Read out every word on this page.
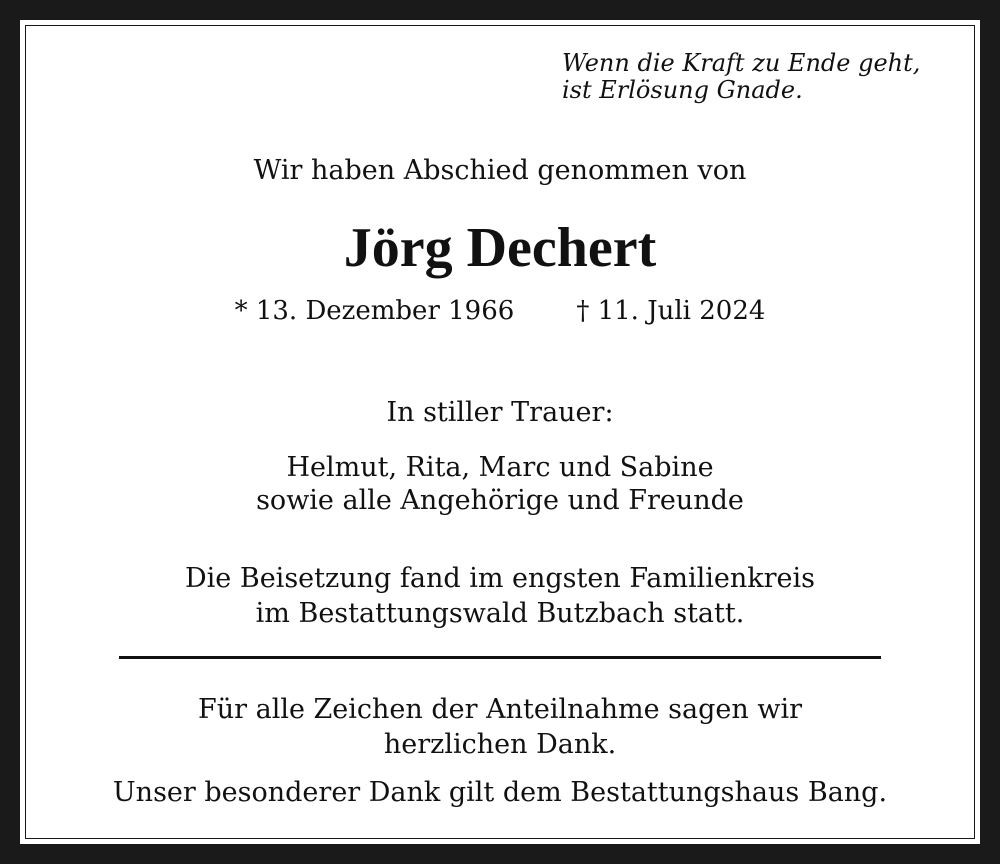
Wenn die Kraft zu Ende geht,
ist Erlösung Gnade.
Wir haben Abschied genommen von
Jörg Dechert
* 13. Dezember 1966 † 11. Juli 2024
In stiller Trauer:
Helmut, Rita, Marc und Sabine
sowie alle Angehörige und Freunde
Die Beisetzung fand im engsten Familienkreis
im Bestattungswald Butzbach statt.
Für alle Zeichen der Anteilnahme sagen wir
herzlichen Dank.
Unser besonderer Dank gilt dem Bestattungshaus Bang.
